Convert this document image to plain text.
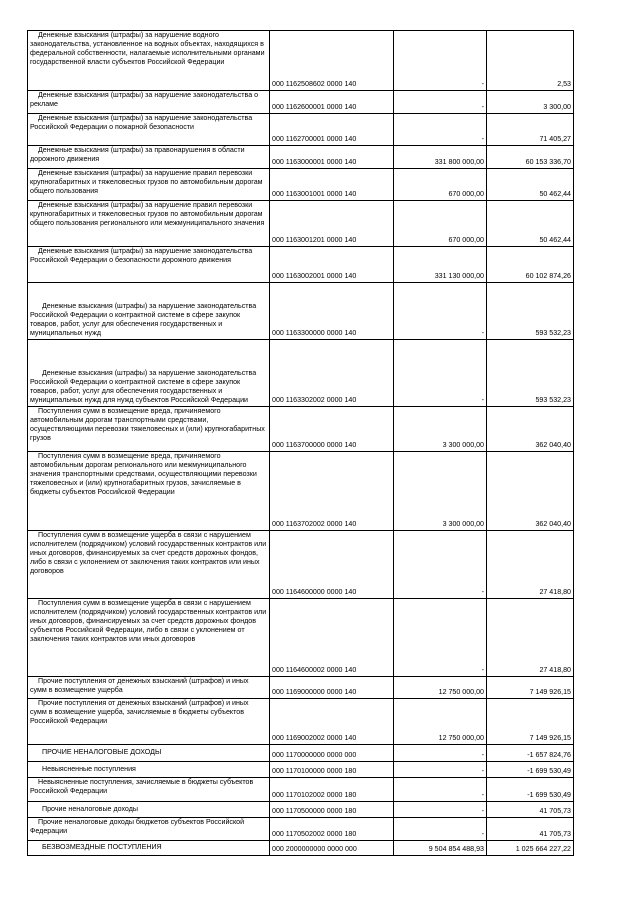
Денежные взыскания (штрафы) за нарушение водного законодательства, установленное на водных объектах, находящихся в федеральной собственности, налагаемые исполнительными органами государственной власти субъектов Российской Федерации	000 1162508602 0000 140	-	2,53
Денежные взыскания (штрафы) за нарушение законодательства о рекламе	000 1162600001 0000 140	-	3 300,00
Денежные взыскания (штрафы) за нарушение законодательства Российской Федерации о пожарной безопасности	000 1162700001 0000 140	-	71 405,27
Денежные взыскания (штрафы) за правонарушения в области дорожного движения	000 1163000001 0000 140	331 800 000,00	60 153 336,70
Денежные взыскания (штрафы) за нарушение правил перевозки крупногабаритных и тяжеловесных грузов по автомобильным дорогам общего пользования	000 1163001001 0000 140	670 000,00	50 462,44
Денежные взыскания (штрафы) за нарушение правил перевозки крупногабаритных и тяжеловесных грузов по автомобильным дорогам общего пользования регионального или межмуниципального значения	000 1163001201 0000 140	670 000,00	50 462,44
Денежные взыскания (штрафы) за нарушение законодательства Российской Федерации о безопасности дорожного движения	000 1163002001 0000 140	331 130 000,00	60 102 874,26
Денежные взыскания (штрафы) за нарушение законодательства Российской Федерации о контрактной системе в сфере закупок товаров, работ, услуг для обеспечения государственных и муниципальных нужд	000 1163300000 0000 140	-	593 532,23
Денежные взыскания (штрафы) за нарушение законодательства Российской Федерации о контрактной системе в сфере закупок товаров, работ, услуг для обеспечения государственных и муниципальных нужд для нужд субъектов Российской Федерации	000 1163302002 0000 140	-	593 532,23
Поступления сумм в возмещение вреда, причиняемого автомобильным дорогам транспортными средствами, осуществляющими перевозки тяжеловесных и (или) крупногабаритных грузов	000 1163700000 0000 140	3 300 000,00	362 040,40
Поступления сумм в возмещение вреда, причиняемого автомобильным дорогам регионального или межмуниципального значения транспортными средствами, осуществляющими перевозки тяжеловесных и (или) крупногабаритных грузов, зачисляемые в бюджеты субъектов Российской Федерации	000 1163702002 0000 140	3 300 000,00	362 040,40
Поступления сумм в возмещение ущерба в связи с нарушением исполнителем (подрядчиком) условий государственных контрактов или иных договоров, финансируемых за счет средств дорожных фондов, либо в связи с уклонением от заключения таких контрактов или иных договоров	000 1164600000 0000 140	-	27 418,80
Поступления сумм в возмещение ущерба в связи с нарушением исполнителем (подрядчиком) условий государственных контрактов или иных договоров, финансируемых за счет средств дорожных фондов субъектов Российской Федерации, либо в связи с уклонением от заключения таких контрактов или иных договоров	000 1164600002 0000 140	-	27 418,80
Прочие поступления от денежных взысканий (штрафов) и иных сумм в возмещение ущерба	000 1169000000 0000 140	12 750 000,00	7 149 926,15
Прочие поступления от денежных взысканий (штрафов) и иных сумм в возмещение ущерба, зачисляемые в бюджеты субъектов Российской Федерации	000 1169002002 0000 140	12 750 000,00	7 149 926,15
ПРОЧИЕ НЕНАЛОГОВЫЕ ДОХОДЫ	000 1170000000 0000 000	-	-1 657 824,76
Невыясненные поступления	000 1170100000 0000 180	-	-1 699 530,49
Невыясненные поступления, зачисляемые в бюджеты субъектов Российской Федерации	000 1170102002 0000 180	-	-1 699 530,49
Прочие неналоговые доходы	000 1170500000 0000 180	-	41 705,73
Прочие неналоговые доходы бюджетов субъектов Российской Федерации	000 1170502002 0000 180	-	41 705,73
БЕЗВОЗМЕЗДНЫЕ ПОСТУПЛЕНИЯ	000 2000000000 0000 000	9 504 854 488,93	1 025 664 227,22
